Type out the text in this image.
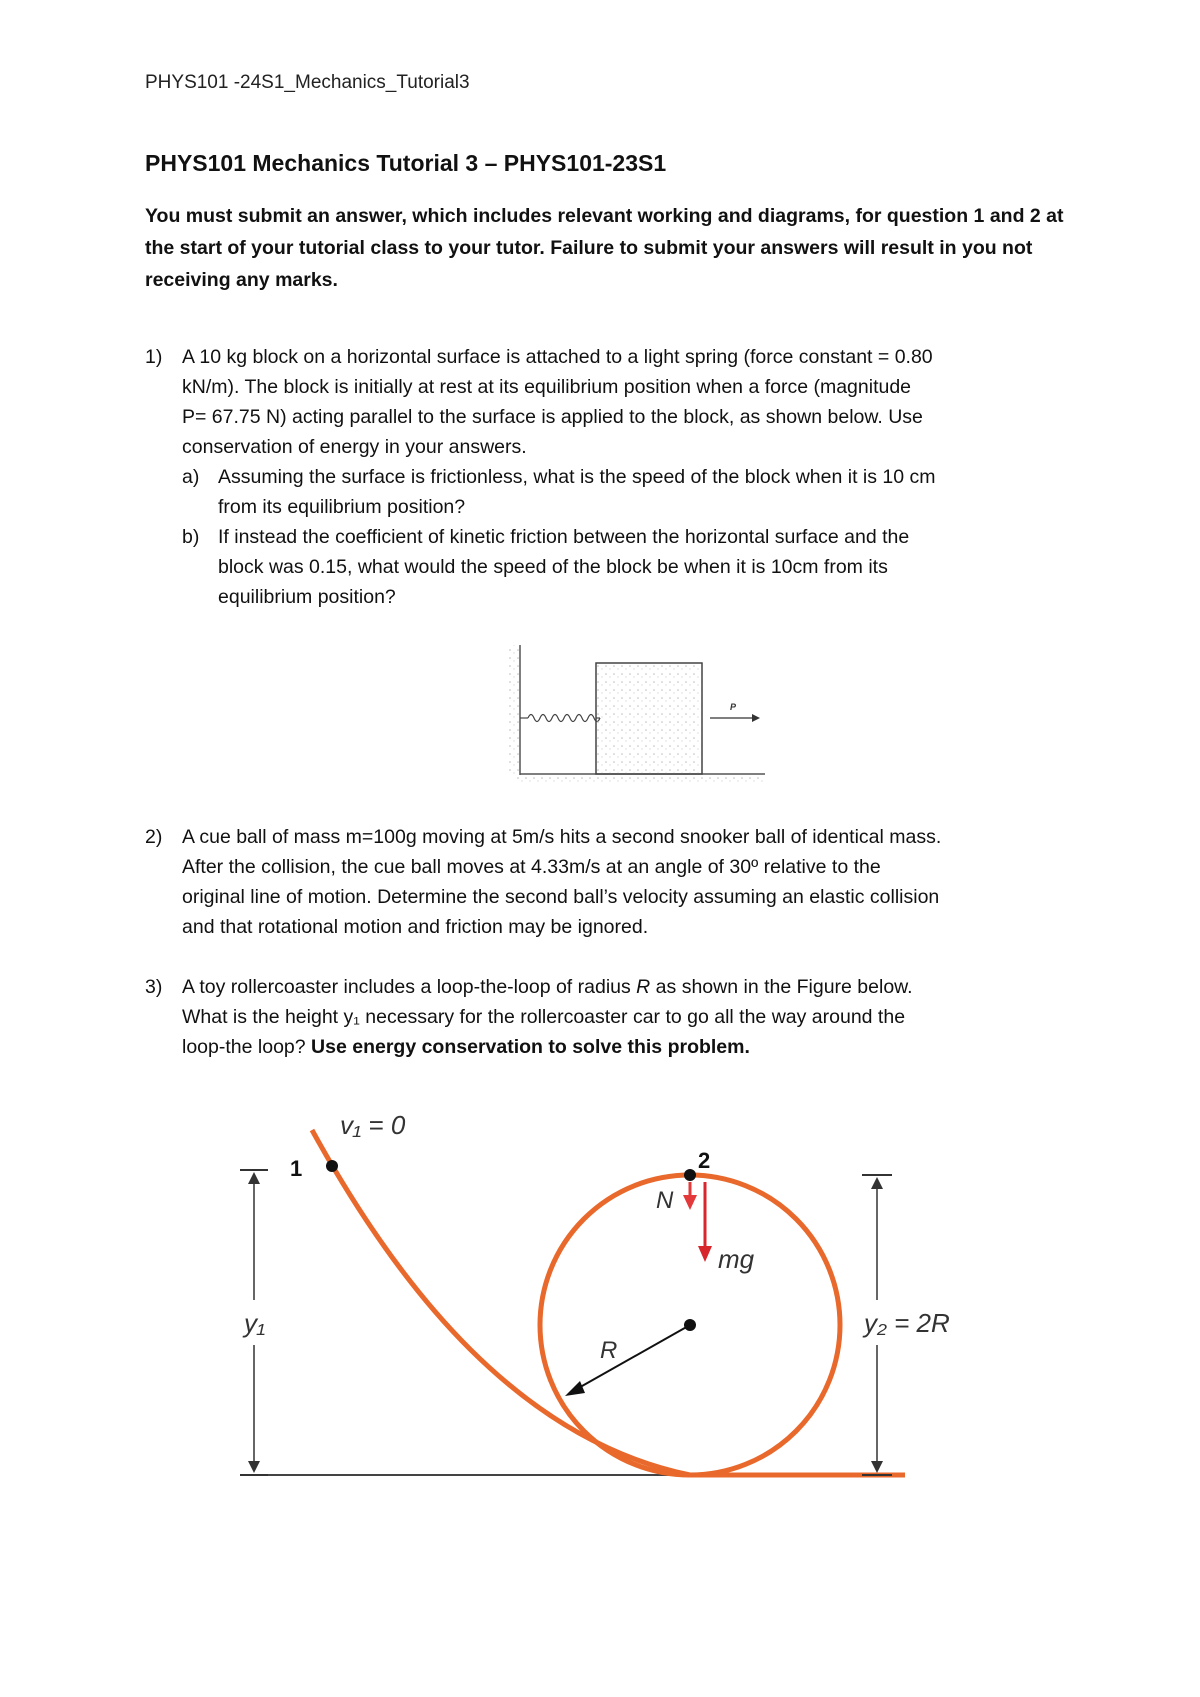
PHYS101 -24S1_Mechanics_Tutorial3
PHYS101 Mechanics Tutorial 3 – PHYS101-23S1
You must submit an answer, which includes relevant working and diagrams, for question 1 and 2 at the start of your tutorial class to your tutor. Failure to submit your answers will result in you not receiving any marks.
1) A 10 kg block on a horizontal surface is attached to a light spring (force constant = 0.80
kN/m). The block is initially at rest at its equilibrium position when a force (magnitude
P= 67.75 N) acting parallel to the surface is applied to the block, as shown below. Use
conservation of energy in your answers.
a) Assuming the surface is frictionless, what is the speed of the block when it is 10 cm
from its equilibrium position?
b) If instead the coefficient of kinetic friction between the horizontal surface and the
block was 0.15, what would the speed of the block be when it is 10cm from its
equilibrium position?
P
2) A cue ball of mass m=100g moving at 5m/s hits a second snooker ball of identical mass.
After the collision, the cue ball moves at 4.33m/s at an angle of 30º relative to the
original line of motion. Determine the second ball’s velocity assuming an elastic collision
and that rotational motion and friction may be ignored.
3) A toy rollercoaster includes a loop-the-loop of radius R as shown in the Figure below.
What is the height y₁ necessary for the rollercoaster car to go all the way around the
loop-the loop? Use energy conservation to solve this problem.
1
v₁ = 0
2
N
mg
R
y₁	y₂ = 2R
